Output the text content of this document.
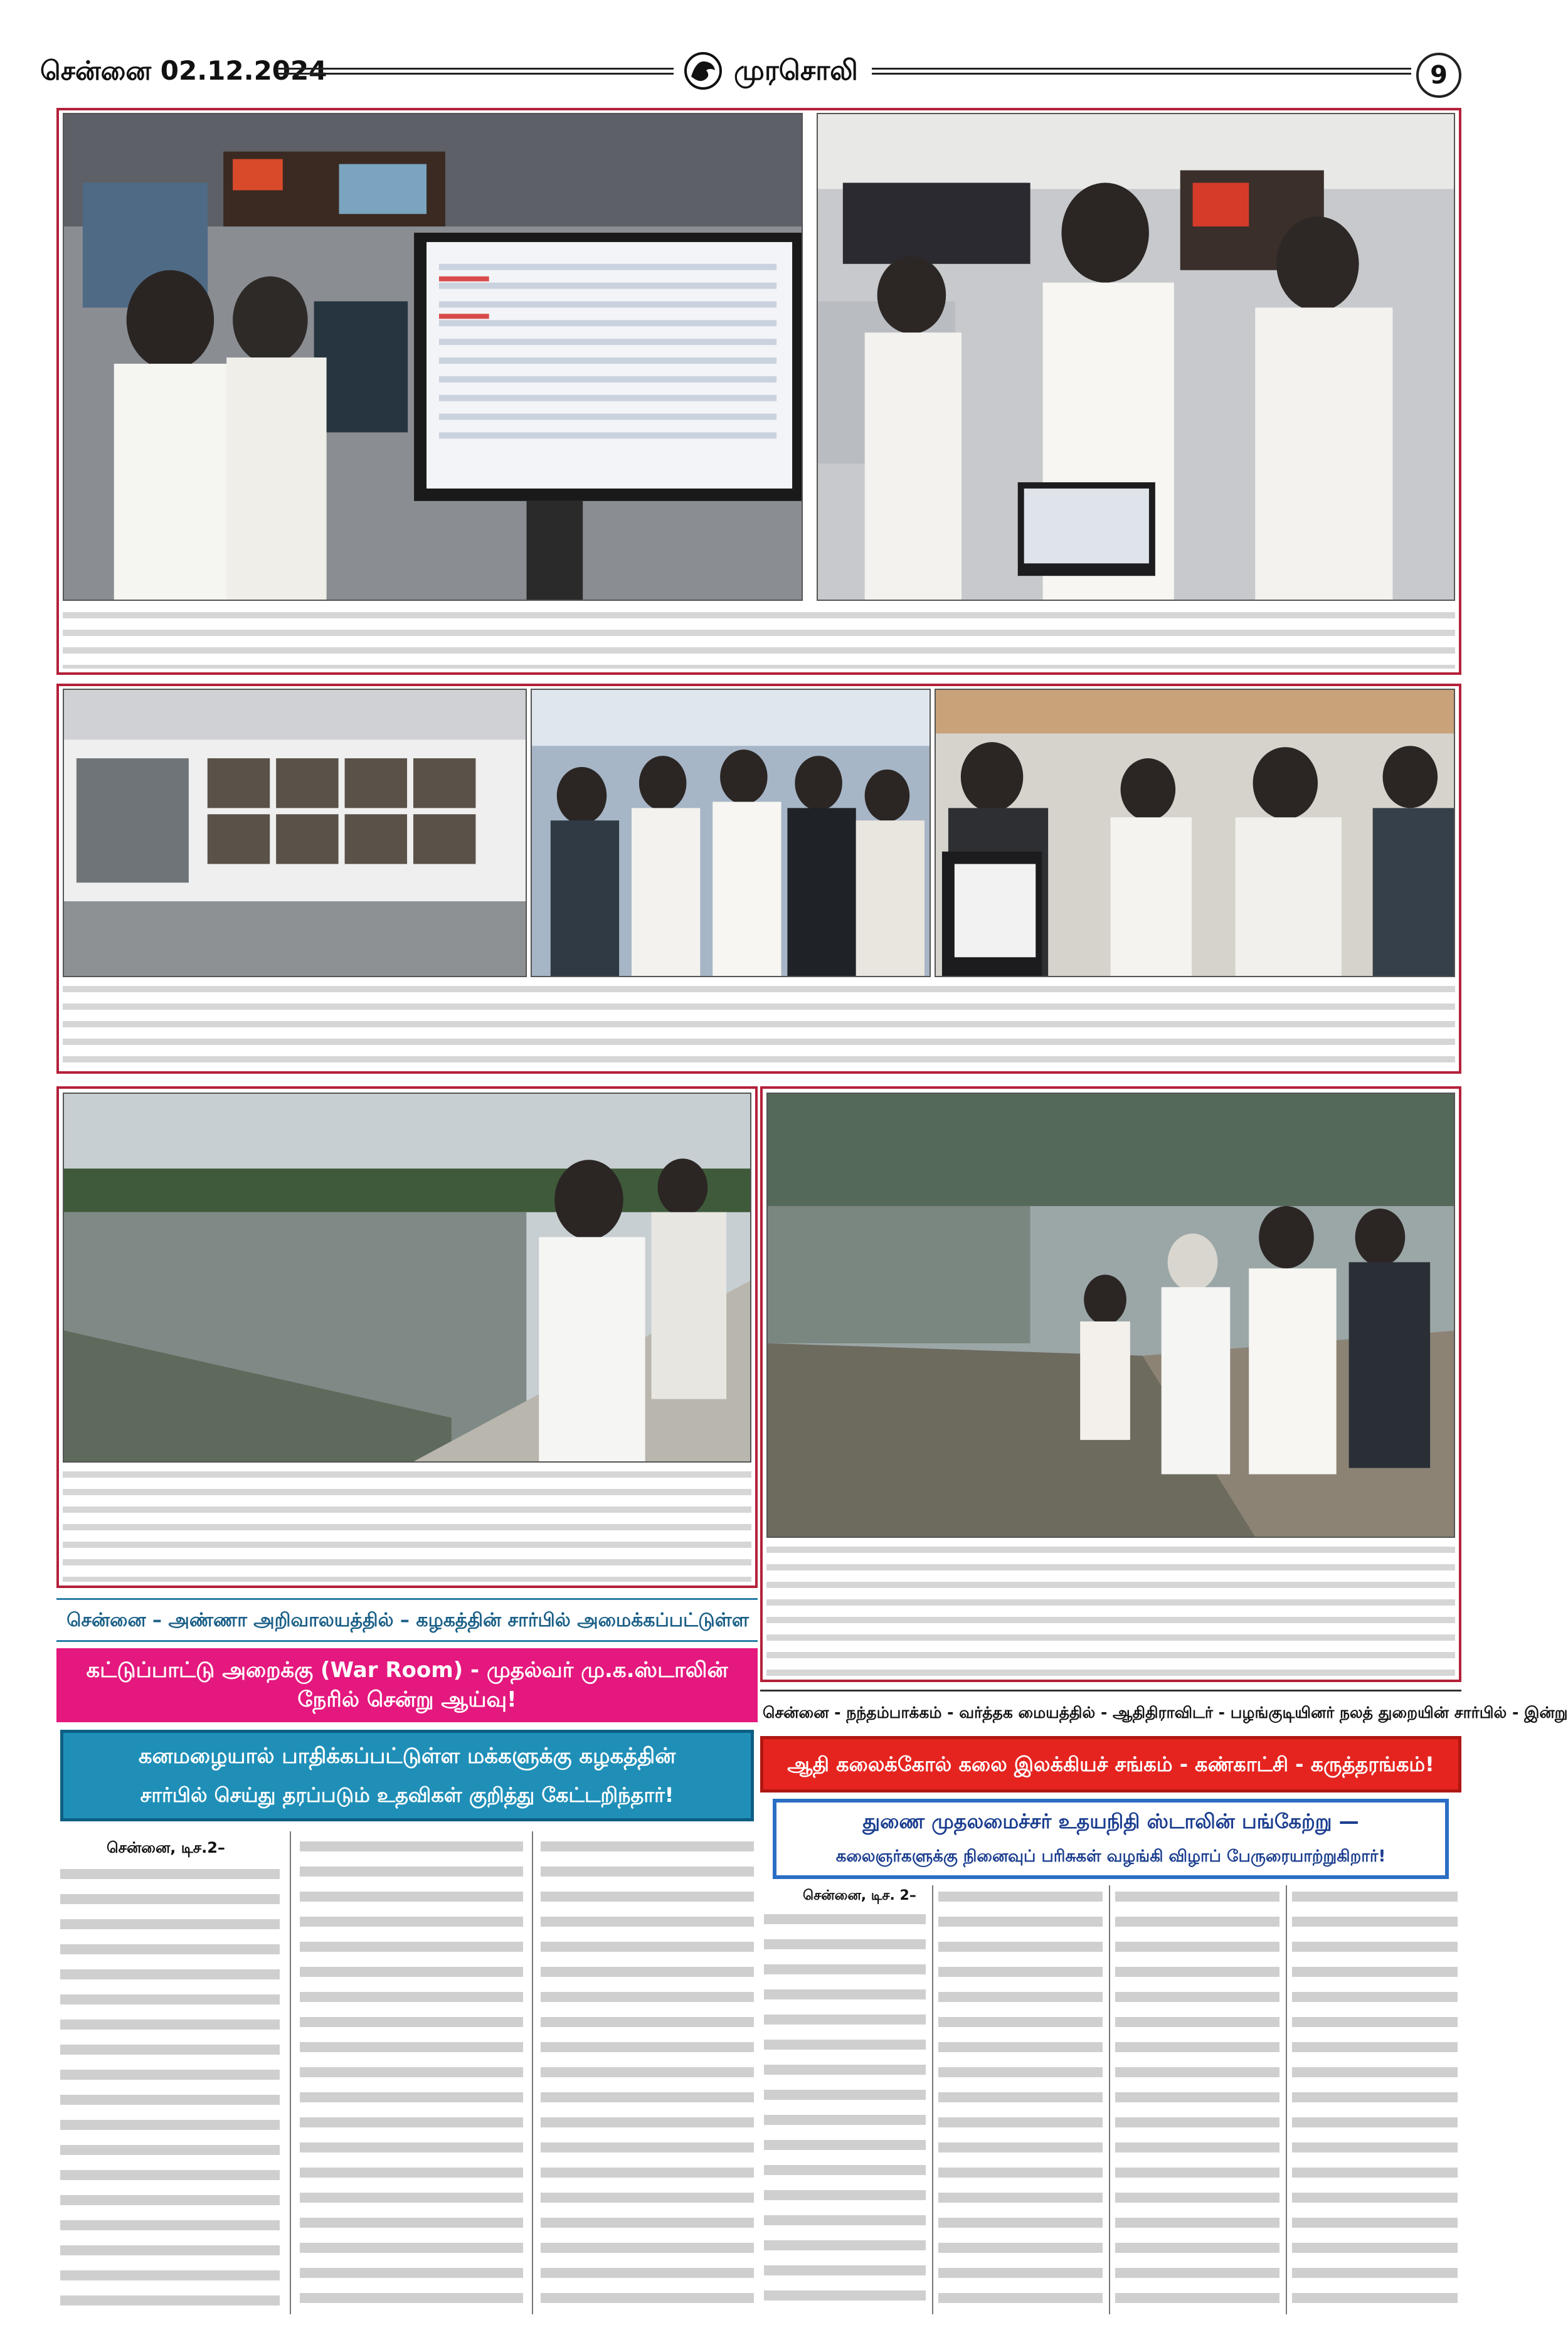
சென்னை 02.12.2024	முரசொலி	9
சென்னை – அண்ணா அறிவாலயத்தில் – கழகத்தின் சார்பில் அமைக்கப்பட்டுள்ள
கட்டுப்பாட்டு அறைக்கு (War Room) - முதல்வர் மு.க.ஸ்டாலின் நேரில் சென்று ஆய்வு!
கனமழையால் பாதிக்கப்பட்டுள்ள மக்களுக்கு கழகத்தின்
சார்பில் செய்து தரப்படும் உதவிகள் குறித்து கேட்டறிந்தார்!
சென்னை, டிச.2–
சென்னை - நந்தம்பாக்கம் - வர்த்தக மையத்தில் - ஆதிதிராவிடர் - பழங்குடியினர் நலத் துறையின் சார்பில் - இன்று
ஆதி கலைக்கோல் கலை இலக்கியச் சங்கம் - கண்காட்சி - கருத்தரங்கம்!
துணை முதலமைச்சர் உதயநிதி ஸ்டாலின் பங்கேற்று —
கலைஞர்களுக்கு நினைவுப் பரிசுகள் வழங்கி விழாப் பேருரையாற்றுகிறார்!
சென்னை, டிச. 2–
